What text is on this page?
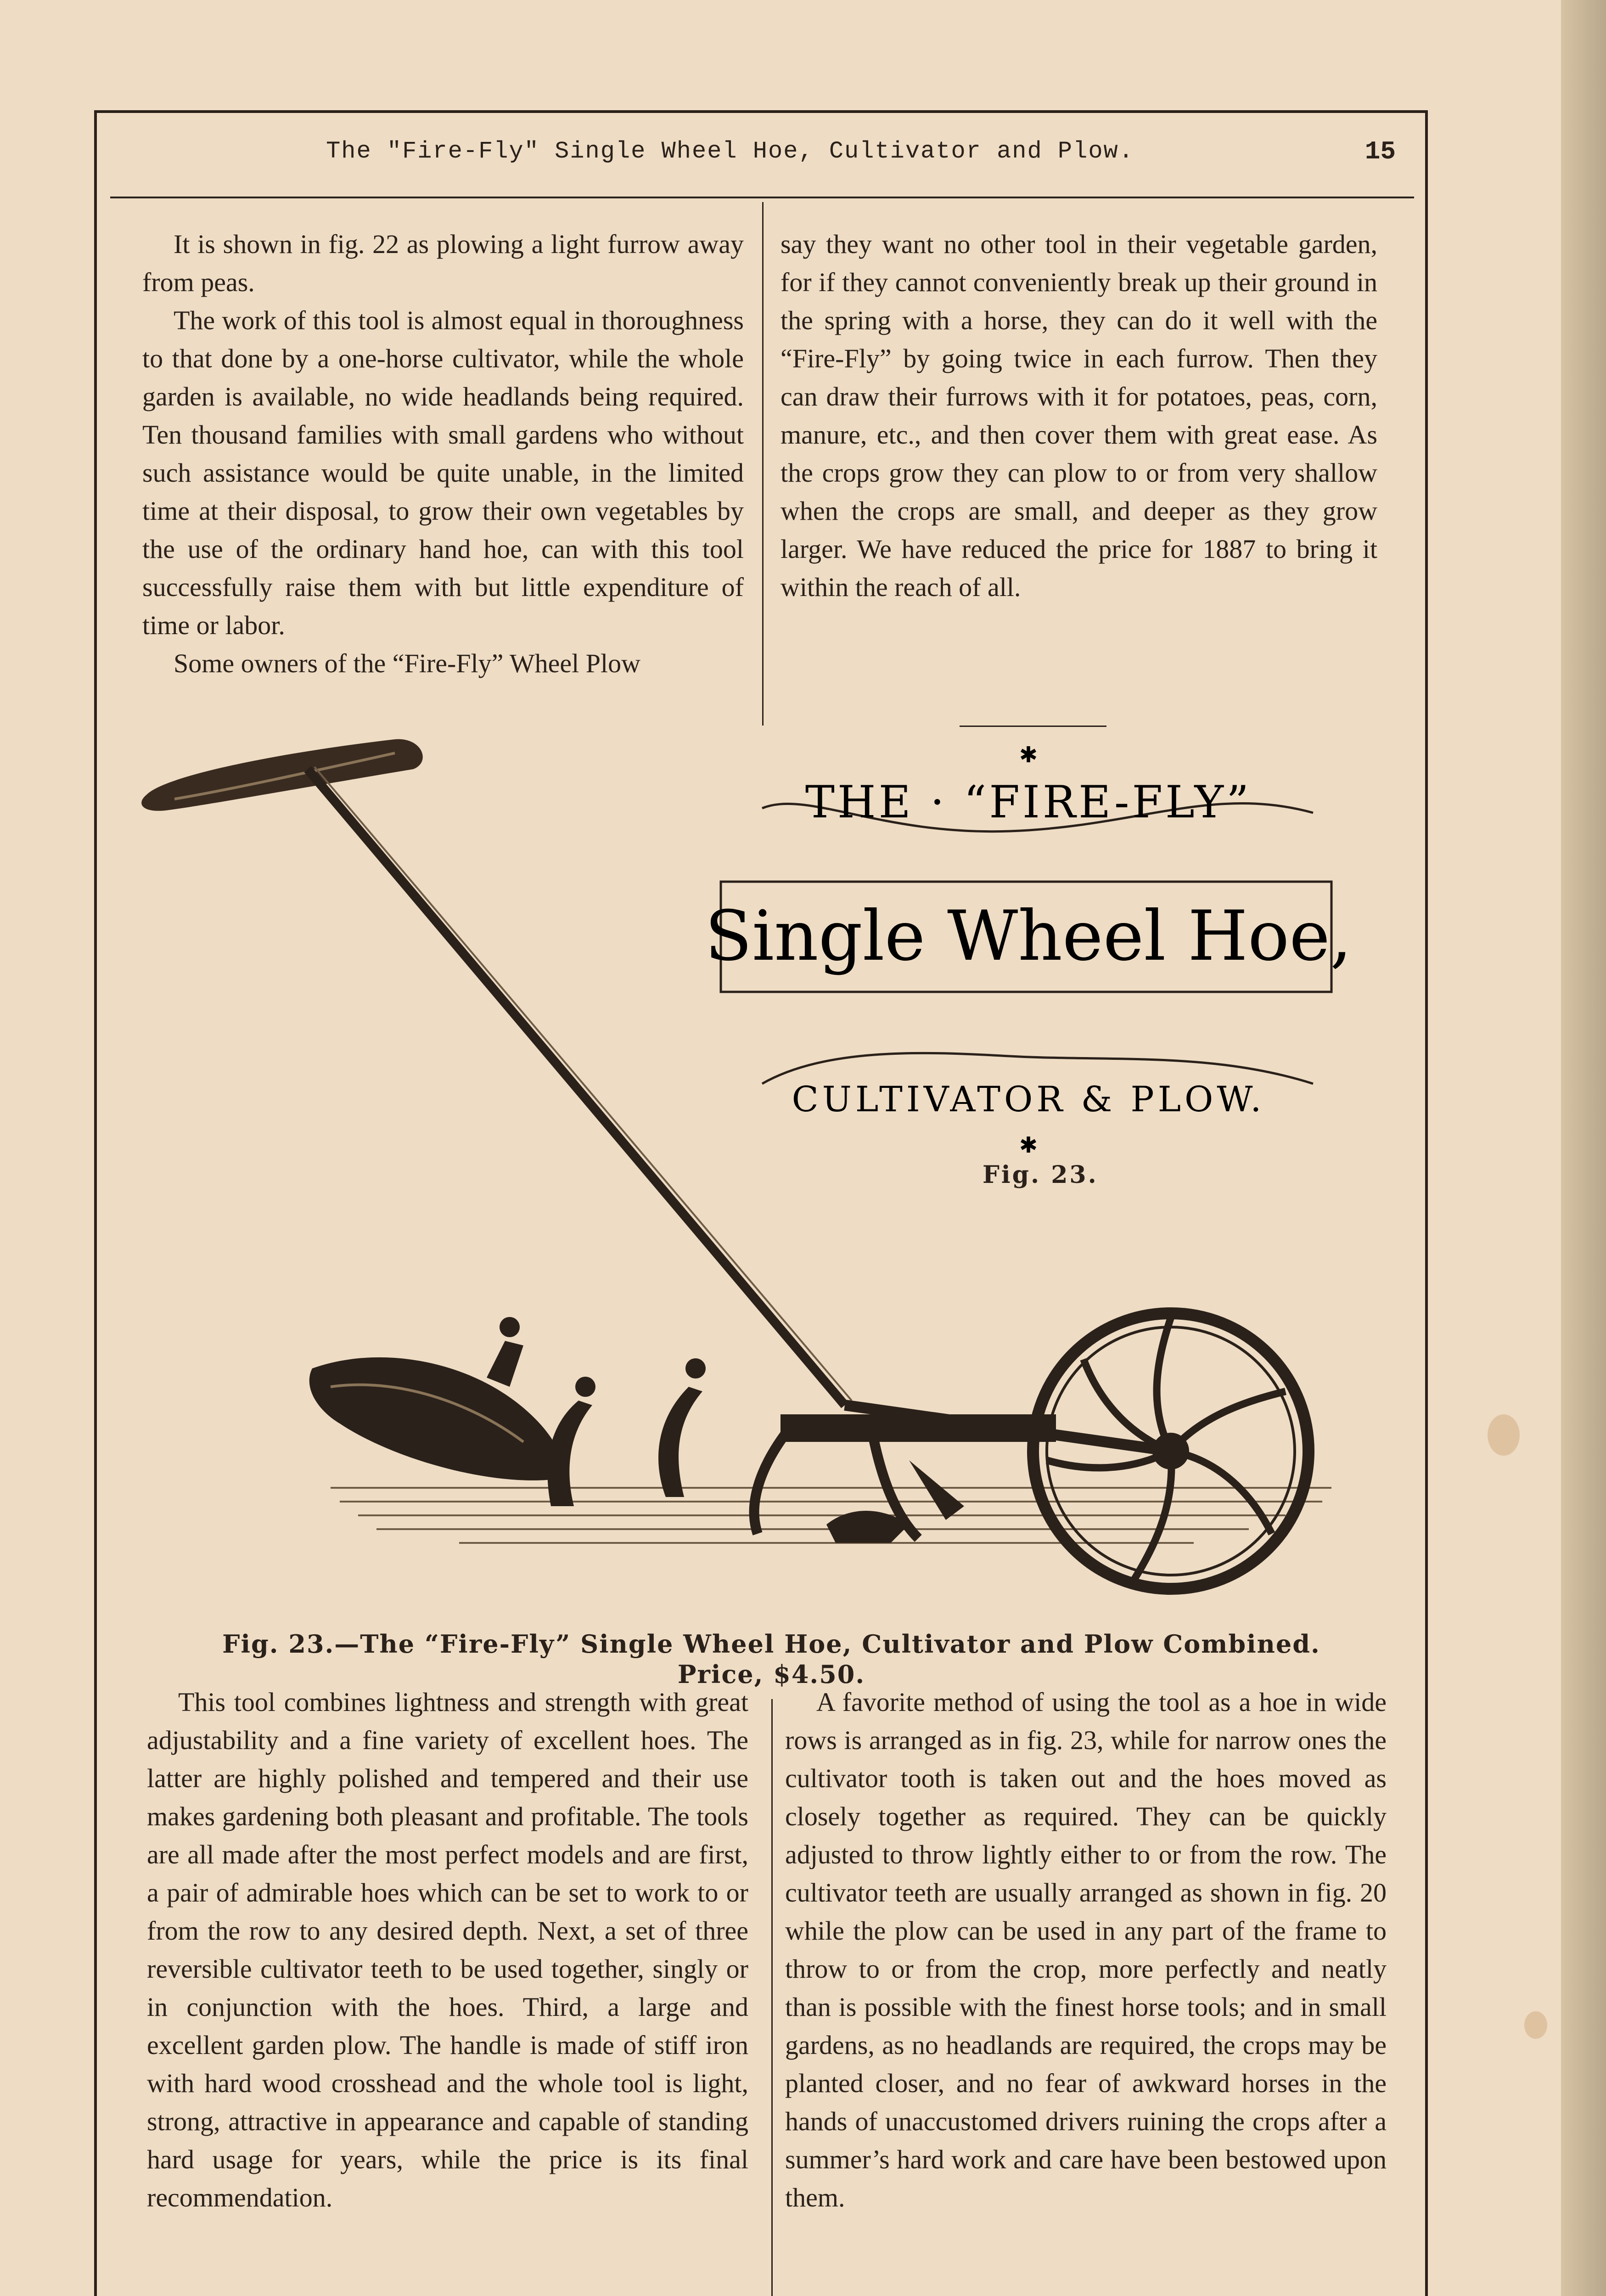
The "Fire-Fly" Single Wheel Hoe, Cultivator and Plow.	15

It is shown in fig. 22 as plowing a light furrow away from peas.

The work of this tool is almost equal in thoroughness to that done by a one-horse cultivator, while the whole garden is available, no wide headlands being required. Ten thousand families with small gardens who without such assistance would be quite unable, in the limited time at their disposal, to grow their own vegetables by the use of the ordinary hand hoe, can with this tool successfully raise them with but little expenditure of time or labor.

Some owners of the “Fire-Fly” Wheel Plow

say they want no other tool in their vegetable garden, for if they cannot conveniently break up their ground in the spring with a horse, they can do it well with the “Fire-Fly” by going twice in each furrow. Then they can draw their furrows with it for potatoes, peas, corn, manure, etc., and then cover them with great ease. As the crops grow they can plow to or from very shallow when the crops are small, and deeper as they grow larger. We have reduced the price for 1887 to bring it within the reach of all.

THE · “FIRE-FLY”
Single Wheel Hoe,
CULTIVATOR & PLOW.
✱
✱
Fig. 23.
Fig. 23.—The “Fire-Fly” Single Wheel Hoe, Cultivator and Plow Combined.
Price, $4.50.

This tool combines lightness and strength with great adjustability and a fine variety of excellent hoes. The latter are highly polished and tempered and their use makes gardening both pleasant and profitable. The tools are all made after the most perfect models and are first, a pair of admirable hoes which can be set to work to or from the row to any desired depth. Next, a set of three reversible cultivator teeth to be used together, singly or in conjunction with the hoes. Third, a large and excellent garden plow. The handle is made of stiff iron with hard wood crosshead and the whole tool is light, strong, attractive in appearance and capable of standing hard usage for years, while the price is its final recommendation.

A favorite method of using the tool as a hoe in wide rows is arranged as in fig. 23, while for narrow ones the cultivator tooth is taken out and the hoes moved as closely together as required. They can be quickly adjusted to throw lightly either to or from the row. The cultivator teeth are usually arranged as shown in fig. 20 while the plow can be used in any part of the frame to throw to or from the crop, more perfectly and neatly than is possible with the finest horse tools; and in small gardens, as no headlands are required, the crops may be planted closer, and no fear of awkward horses in the hands of unaccustomed drivers ruining the crops after a summer’s hard work and care have been bestowed upon them.
